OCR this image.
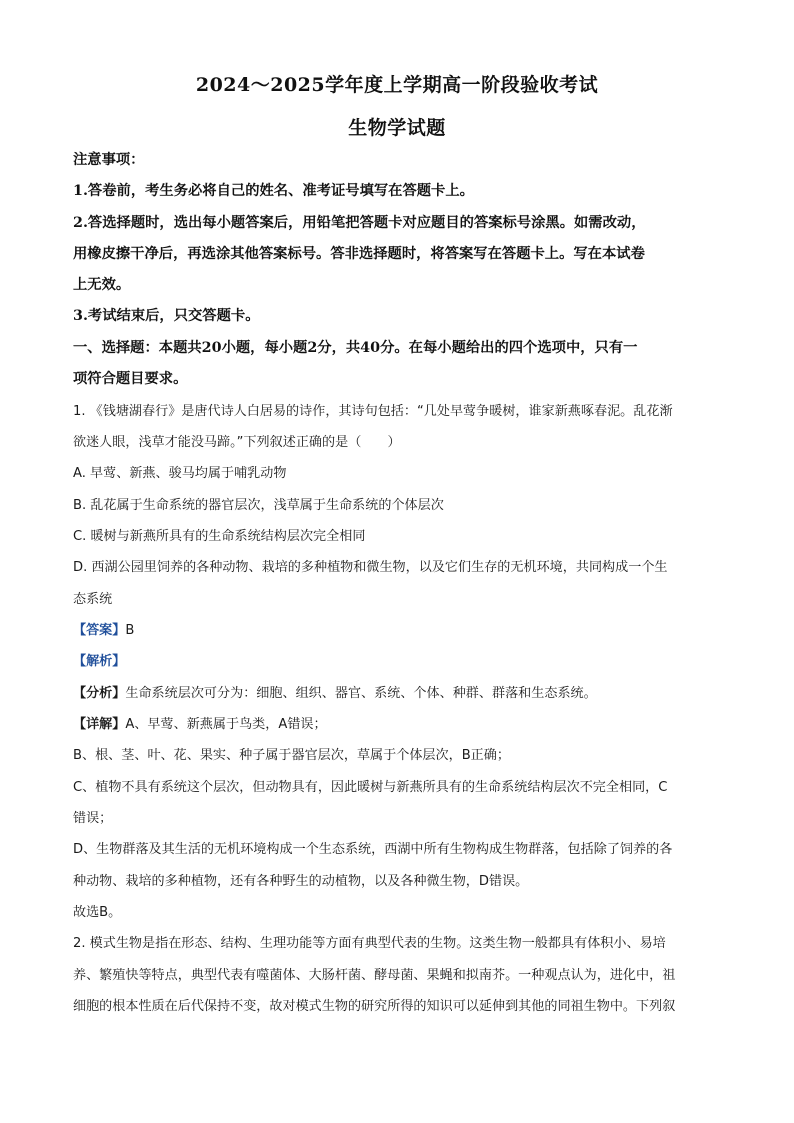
2024～2025学年度上学期高一阶段验收考试
生物学试题
注意事项：
1.答卷前，考生务必将自己的姓名、准考证号填写在答题卡上。
2.答选择题时，选出每小题答案后，用铅笔把答题卡对应题目的答案标号涂黑。如需改动，
用橡皮擦干净后，再选涂其他答案标号。答非选择题时，将答案写在答题卡上。写在本试卷
上无效。
3.考试结束后，只交答题卡。
一、选择题：本题共20小题，每小题2分，共40分。在每小题给出的四个选项中，只有一
项符合题目要求。
1. 《钱塘湖春行》是唐代诗人白居易的诗作，其诗句包括：“几处早莺争暖树，谁家新燕啄春泥。乱花渐
欲迷人眼，浅草才能没马蹄。”下列叙述正确的是（　　）
A. 早莺、新燕、骏马均属于哺乳动物
B. 乱花属于生命系统的器官层次，浅草属于生命系统的个体层次
C. 暖树与新燕所具有的生命系统结构层次完全相同
D. 西湖公园里饲养的各种动物、栽培的多种植物和微生物，以及它们生存的无机环境，共同构成一个生
态系统
【答案】B
【解析】
【分析】生命系统层次可分为：细胞、组织、器官、系统、个体、种群、群落和生态系统。
【详解】A、早莺、新燕属于鸟类，A错误；
B、根、茎、叶、花、果实、种子属于器官层次，草属于个体层次，B正确；
C、植物不具有系统这个层次，但动物具有，因此暖树与新燕所具有的生命系统结构层次不完全相同，C
错误；
D、生物群落及其生活的无机环境构成一个生态系统，西湖中所有生物构成生物群落，包括除了饲养的各
种动物、栽培的多种植物，还有各种野生的动植物，以及各种微生物，D错误。
故选B。
2. 模式生物是指在形态、结构、生理功能等方面有典型代表的生物。这类生物一般都具有体积小、易培
养、繁殖快等特点，典型代表有噬菌体、大肠杆菌、酵母菌、果蝇和拟南芥。一种观点认为，进化中，祖
细胞的根本性质在后代保持不变，故对模式生物的研究所得的知识可以延伸到其他的同祖生物中。下列叙
